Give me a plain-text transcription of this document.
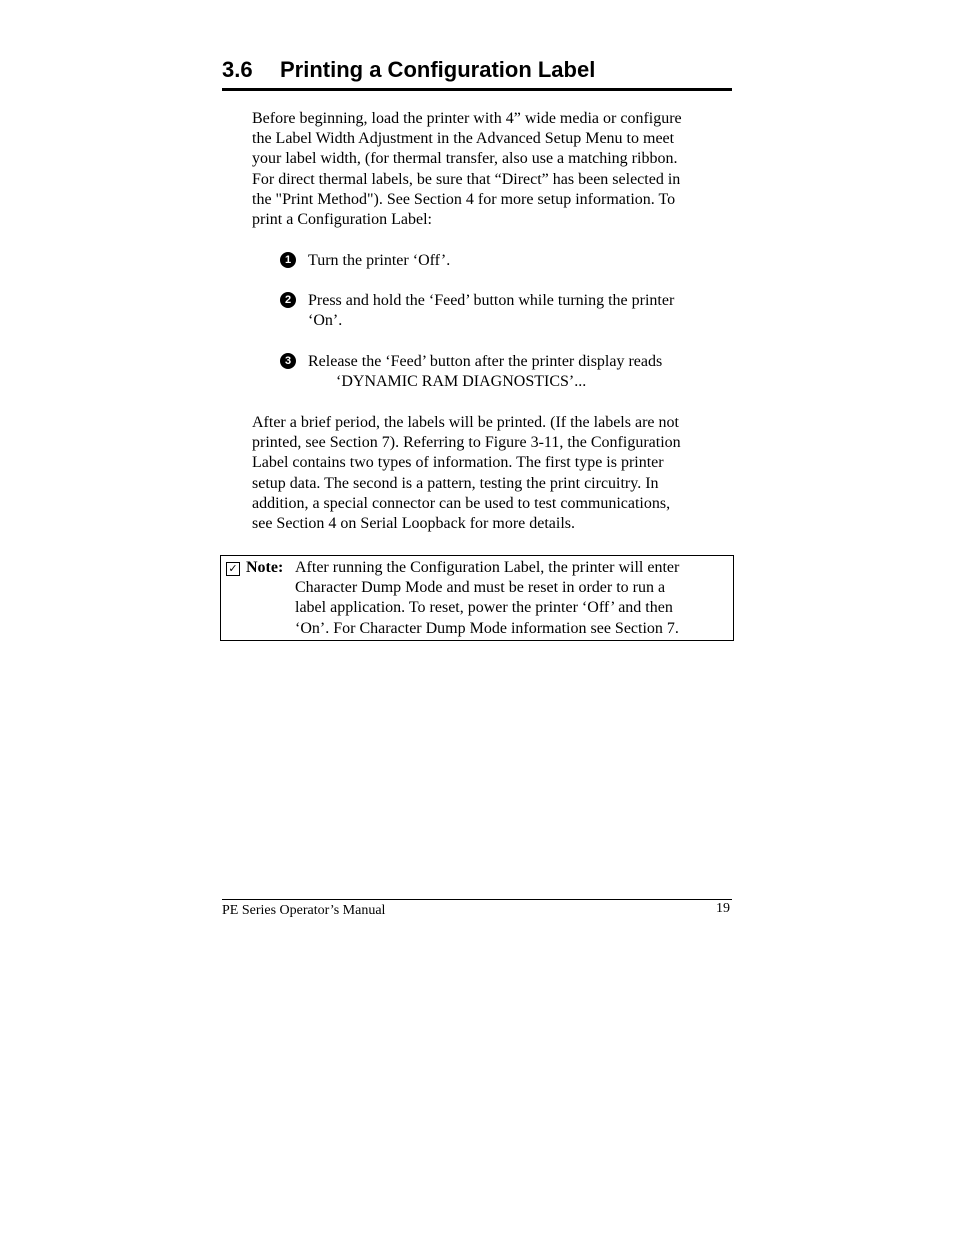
3.6 Printing a Configuration Label
Before beginning, load the printer with 4” wide media or configure
the Label Width Adjustment in the Advanced Setup Menu to meet
your label width, (for thermal transfer, also use a matching ribbon.
For direct thermal labels, be sure that “Direct” has been selected in
the "Print Method"). See Section 4 for more setup information. To
print a Configuration Label:
1	Turn the printer ‘Off’.
2	Press and hold the ‘Feed’ button while turning the printer
‘On’.
3	Release the ‘Feed’ button after the printer display reads
‘DYNAMIC RAM DIAGNOSTICS’...
After a brief period, the labels will be printed. (If the labels are not
printed, see Section 7). Referring to Figure 3-11, the Configuration
Label contains two types of information. The first type is printer
setup data. The second is a pattern, testing the print circuitry. In
addition, a special connector can be used to test communications,
see Section 4 on Serial Loopback for more details.
✓ Note: After running the Configuration Label, the printer will enter
Character Dump Mode and must be reset in order to run a
label application. To reset, power the printer ‘Off’ and then
‘On’. For Character Dump Mode information see Section 7.
PE Series Operator’s Manual	19
